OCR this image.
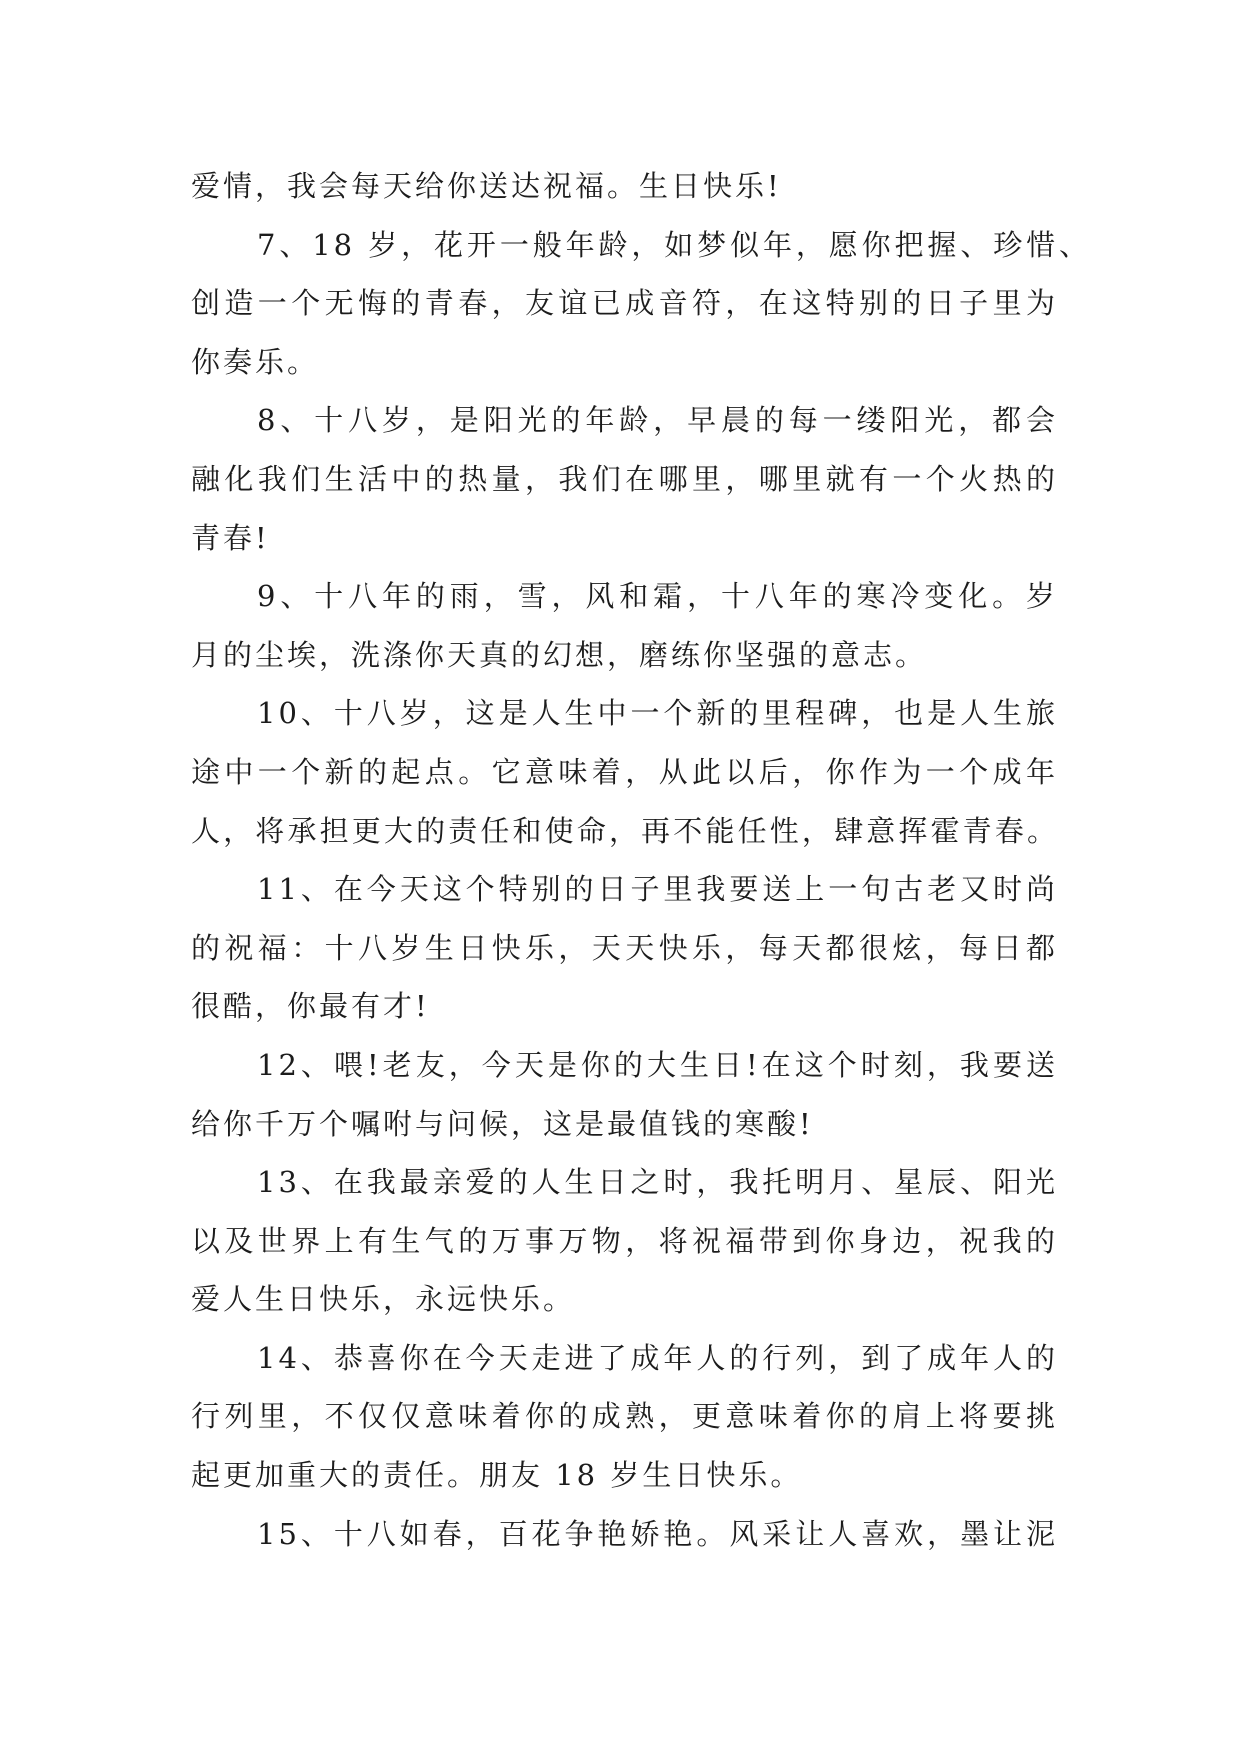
爱情，我会每天给你送达祝福。生日快乐!
7、18 岁，花开一般年龄，如梦似年，愿你把握、珍惜、
创造一个无悔的青春，友谊已成音符，在这特别的日子里为
你奏乐。
8、十八岁，是阳光的年龄，早晨的每一缕阳光，都会
融化我们生活中的热量，我们在哪里，哪里就有一个火热的
青春!
9、十八年的雨，雪，风和霜，十八年的寒冷变化。岁
月的尘埃，洗涤你天真的幻想，磨练你坚强的意志。
10、十八岁，这是人生中一个新的里程碑，也是人生旅
途中一个新的起点。它意味着，从此以后，你作为一个成年
人，将承担更大的责任和使命，再不能任性，肆意挥霍青春。
11、在今天这个特别的日子里我要送上一句古老又时尚
的祝福：十八岁生日快乐，天天快乐，每天都很炫，每日都
很酷，你最有才!
12、喂!老友，今天是你的大生日!在这个时刻，我要送
给你千万个嘱咐与问候，这是最值钱的寒酸!
13、在我最亲爱的人生日之时，我托明月、星辰、阳光
以及世界上有生气的万事万物，将祝福带到你身边，祝我的
爱人生日快乐，永远快乐。
14、恭喜你在今天走进了成年人的行列，到了成年人的
行列里，不仅仅意味着你的成熟，更意味着你的肩上将要挑
起更加重大的责任。朋友 18 岁生日快乐。
15、十八如春，百花争艳娇艳。风采让人喜欢，墨让泥
